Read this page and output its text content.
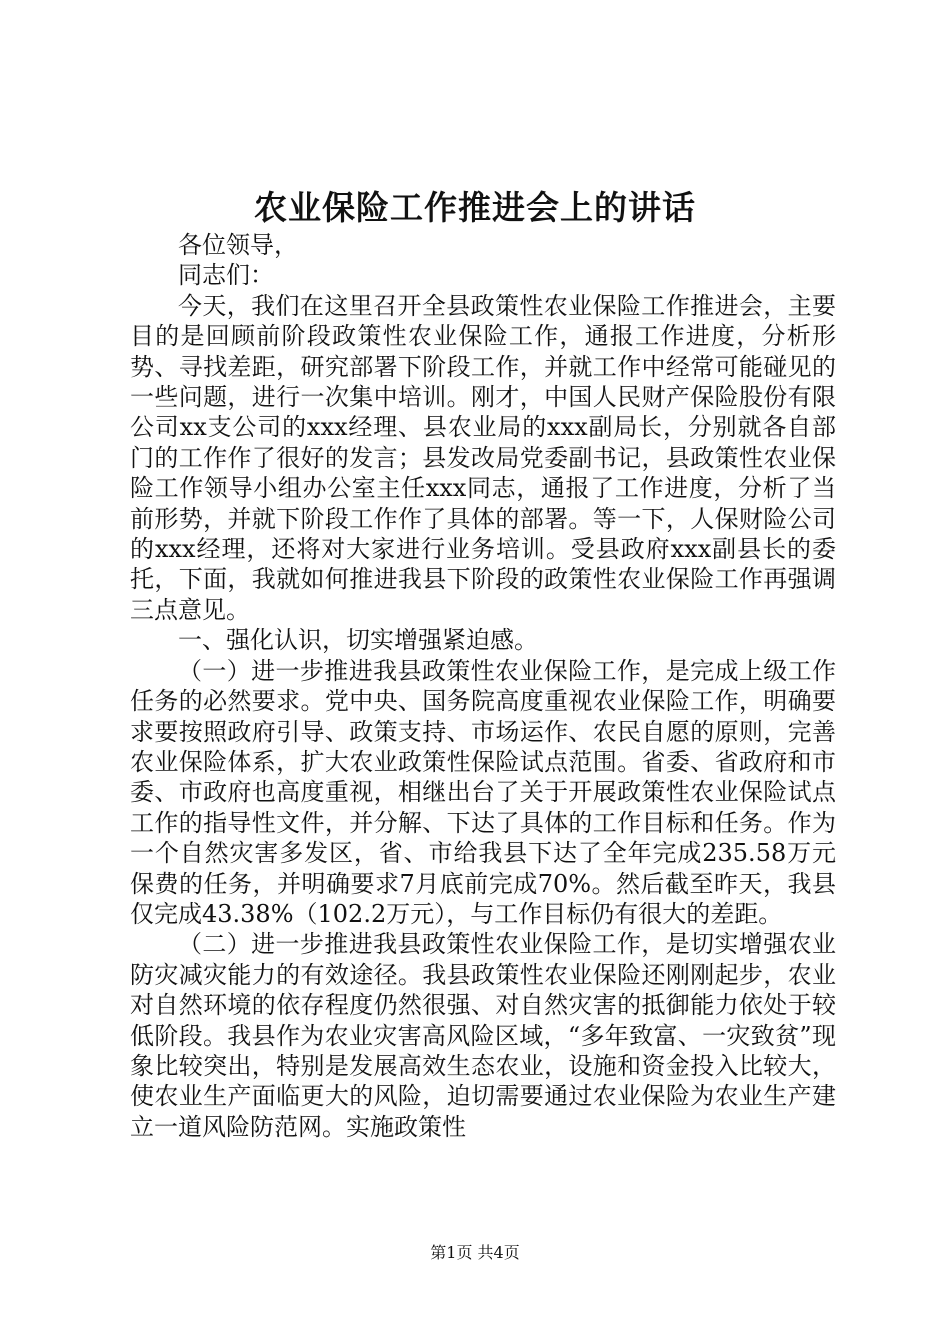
农业保险工作推进会上的讲话

各位领导，

同志们：

今天，我们在这里召开全县政策性农业保险工作推进会，主要目的是回顾前阶段政策性农业保险工作，通报工作进度，分析形势、寻找差距，研究部署下阶段工作，并就工作中经常可能碰见的一些问题，进行一次集中培训。刚才，中国人民财产保险股份有限公司xx支公司的xxx经理、县农业局的xxx副局长，分别就各自部门的工作作了很好的发言；县发改局党委副书记，县政策性农业保险工作领导小组办公室主任xxx同志，通报了工作进度，分析了当前形势，并就下阶段工作作了具体的部署。等一下，人保财险公司的xxx经理，还将对大家进行业务培训。受县政府xxx副县长的委托，下面，我就如何推进我县下阶段的政策性农业保险工作再强调三点意见。

一、强化认识，切实增强紧迫感。

（一）进一步推进我县政策性农业保险工作，是完成上级工作任务的必然要求。党中央、国务院高度重视农业保险工作，明确要求要按照政府引导、政策支持、市场运作、农民自愿的原则，完善农业保险体系，扩大农业政策性保险试点范围。省委、省政府和市委、市政府也高度重视，相继出台了关于开展政策性农业保险试点工作的指导性文件，并分解、下达了具体的工作目标和任务。作为一个自然灾害多发区，省、市给我县下达了全年完成235.58万元保费的任务，并明确要求7月底前完成70%。然后截至昨天，我县仅完成43.38%（102.2万元），与工作目标仍有很大的差距。

（二）进一步推进我县政策性农业保险工作，是切实增强农业防灾减灾能力的有效途径。我县政策性农业保险还刚刚起步，农业对自然环境的依存程度仍然很强、对自然灾害的抵御能力依处于较低阶段。我县作为农业灾害高风险区域，“多年致富、一灾致贫”现象比较突出，特别是发展高效生态农业，设施和资金投入比较大，使农业生产面临更大的风险，迫切需要通过农业保险为农业生产建立一道风险防范网。实施政策性

第1页 共4页
